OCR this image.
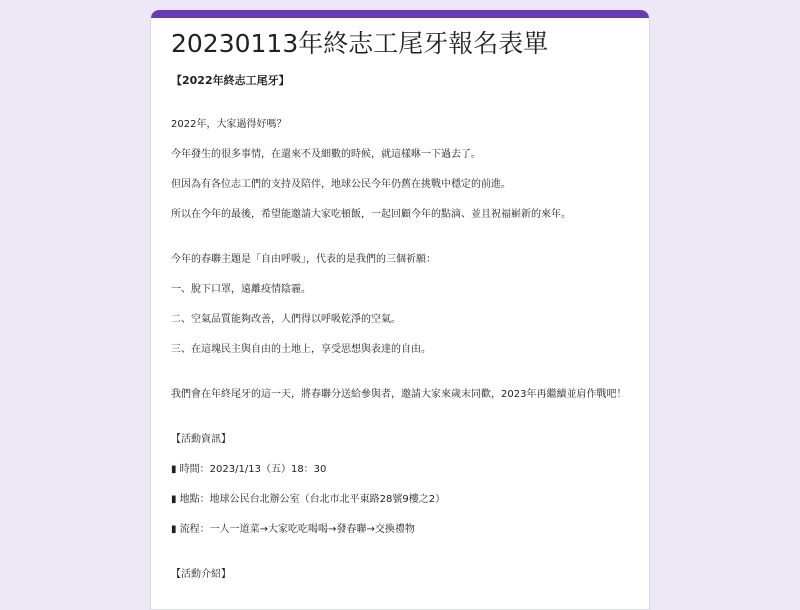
20230113年終志工尾牙報名表單
【2022年終志工尾牙】

2022年，大家過得好嗎？

今年發生的很多事情，在還來不及細數的時候，就這樣咻一下過去了。

但因為有各位志工們的支持及陪伴，地球公民今年仍舊在挑戰中穩定的前進。

所以在今年的最後，希望能邀請大家吃頓飯，一起回顧今年的點滴、並且祝福嶄新的來年。

今年的春聯主題是「自由呼吸」，代表的是我們的三個祈願：

一、脫下口罩，遠離疫情陰霾。

二、空氣品質能夠改善，人們得以呼吸乾淨的空氣。

三、在這塊民主與自由的土地上，享受思想與表達的自由。

我們會在年終尾牙的這一天，將春聯分送給參與者，邀請大家來歲末同歡，2023年再繼續並肩作戰吧！

【活動資訊】

▮ 時間：2023/1/13（五）18：30

▮ 地點：地球公民台北辦公室（台北市北平東路28號9樓之2）

▮ 流程：一人一道菜→大家吃吃喝喝→發春聯→交換禮物

【活動介紹】
